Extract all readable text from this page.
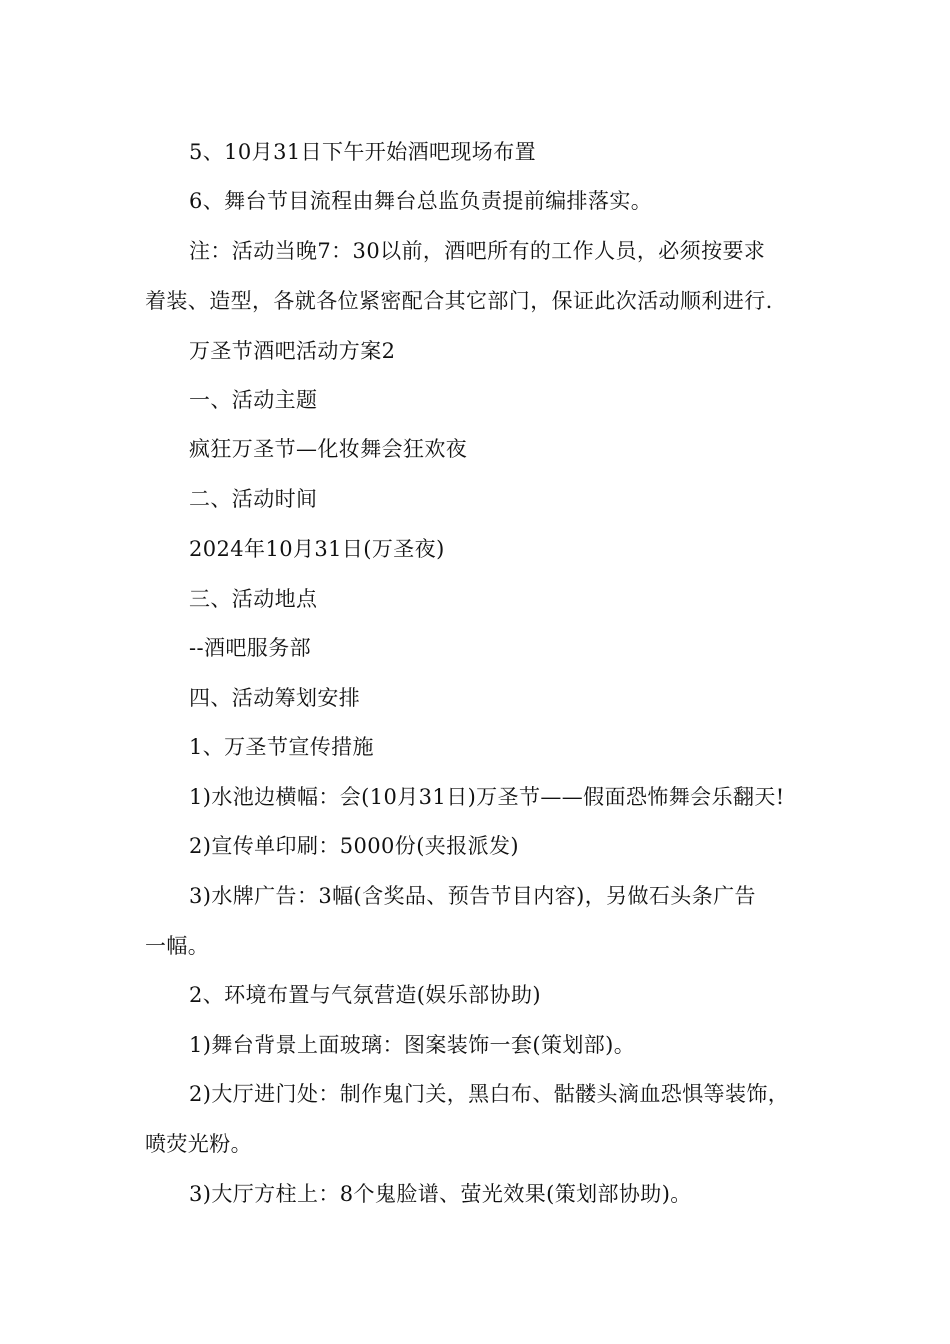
5、10月31日下午开始酒吧现场布置
6、舞台节目流程由舞台总监负责提前编排落实。
注：活动当晚7：30以前，酒吧所有的工作人员，必须按要求
着装、造型，各就各位紧密配合其它部门，保证此次活动顺利进行.
万圣节酒吧活动方案2
一、活动主题
疯狂万圣节—化妆舞会狂欢夜
二、活动时间
2024年10月31日(万圣夜)
三、活动地点
--酒吧服务部
四、活动筹划安排
1、万圣节宣传措施
1)水池边横幅：会(10月31日)万圣节——假面恐怖舞会乐翻天!
2)宣传单印刷：5000份(夹报派发)
3)水牌广告：3幅(含奖品、预告节目内容)，另做石头条广告
一幅。
2、环境布置与气氛营造(娱乐部协助)
1)舞台背景上面玻璃：图案装饰一套(策划部)。
2)大厅进门处：制作鬼门关，黑白布、骷髅头滴血恐惧等装饰，
喷荧光粉。
3)大厅方柱上：8个鬼脸谱、萤光效果(策划部协助)。
